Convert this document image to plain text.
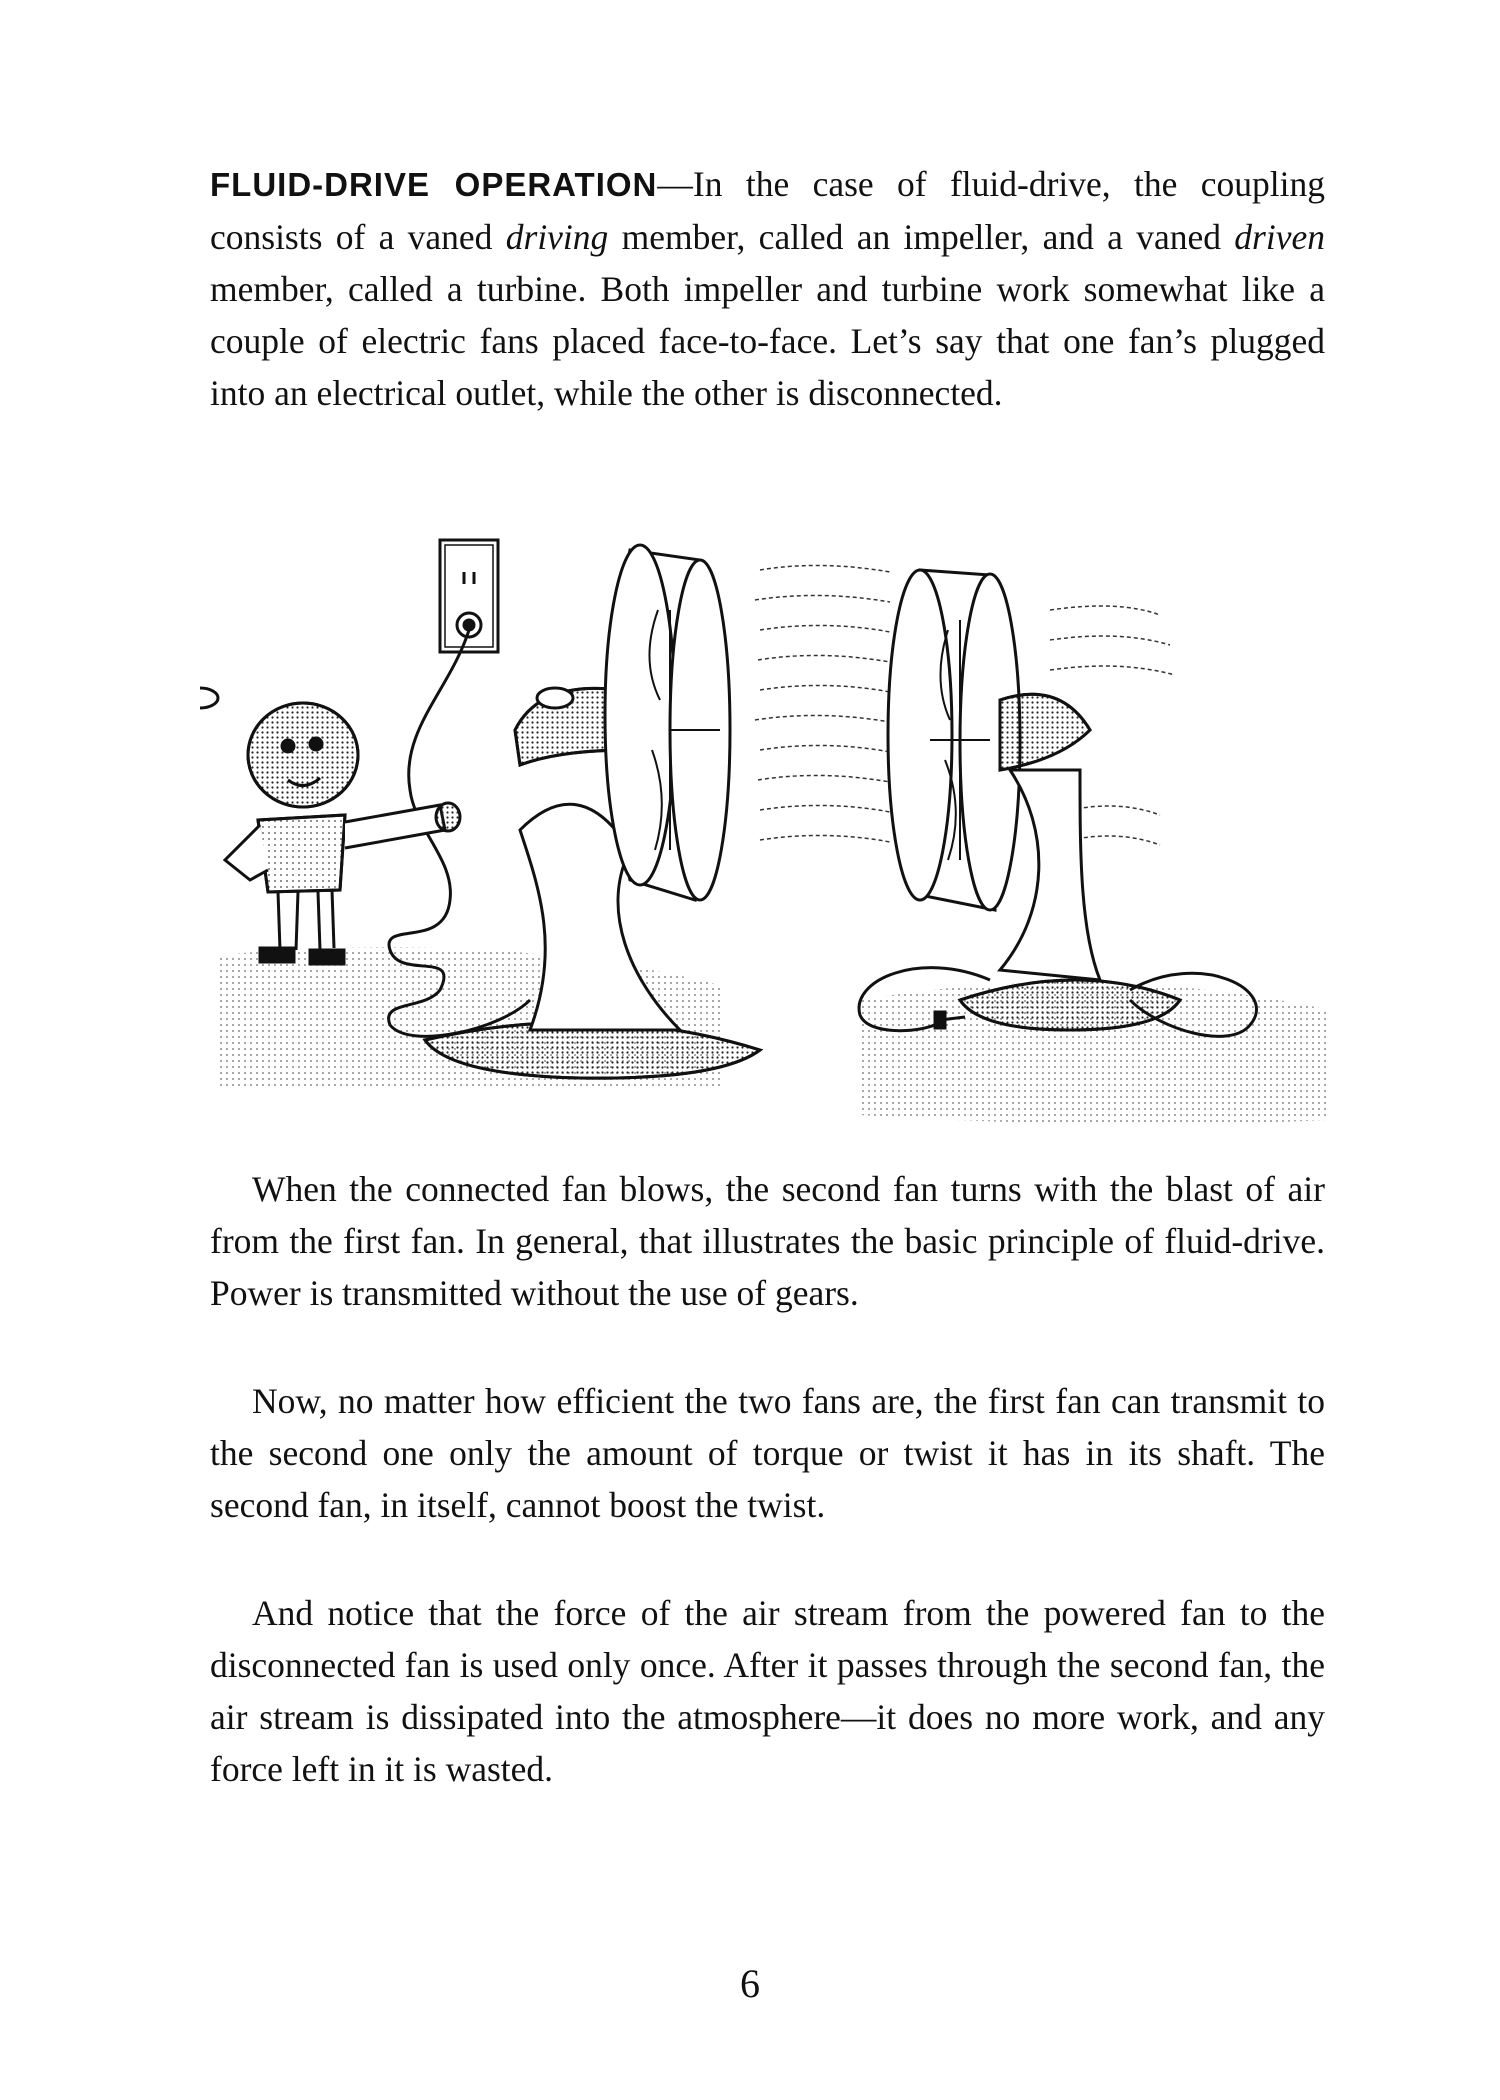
FLUID-DRIVE OPERATION—In the case of fluid-drive, the coupling consists of a vaned driving member, called an impeller, and a vaned driven member, called a turbine. Both impeller and turbine work somewhat like a couple of electric fans placed face-to-face. Let’s say that one fan’s plugged into an electrical outlet, while the other is disconnected.

When the connected fan blows, the second fan turns with the blast of air from the first fan. In general, that illustrates the basic principle of fluid-drive. Power is transmitted without the use of gears.

Now, no matter how efficient the two fans are, the first fan can transmit to the second one only the amount of torque or twist it has in its shaft. The second fan, in itself, cannot boost the twist.

And notice that the force of the air stream from the powered fan to the disconnected fan is used only once. After it passes through the second fan, the air stream is dissipated into the atmosphere—it does no more work, and any force left in it is wasted.

6
